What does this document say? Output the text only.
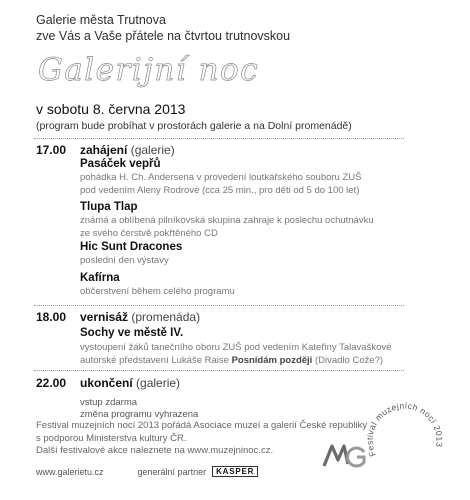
Galerie města Trutnova
zve Vás a Vaše přátele na čtvrtou trutnovskou
Galerijní noc
v sobotu 8. června 2013
(program bude probíhat v prostorách galerie a na Dolní promenádě)
17.00 zahájení (galerie)
Pasáček vepřů
pohádka H. Ch. Andersena v provedení loutkářského souboru ZUŠ
pod vedením Aleny Rodrové (cca 25 min., pro děti od 5 do 100 let)
Tlupa Tlap
známá a oblíbená pilníkovská skupina zahraje k poslechu ochutnávku
ze svého čerstvě pokřtěného CD
Hic Sunt Dracones
poslední den výstavy
Kafírna
občerstvení během celého programu
18.00 vernisáž (promenáda)
Sochy ve městě IV.
vystoupení žáků tanečního oboru ZUŠ pod vedením Kateřiny Talavaškové
autorské představení Lukáše Raise Posnídám později (Divadlo Cože?)
22.00 ukončení (galerie)
vstup zdarma
změna programu vyhrazena
Festival muzejních nocí 2013 pořádá Asociace muzeí a galerií České republiky
s podporou Ministerstva kultury ČR.
Další festivalové akce naleznete na www.muzejninoc.cz.
www.galerietu.cz	generální partner	KASPER
Festival muzejních nocí 2013
